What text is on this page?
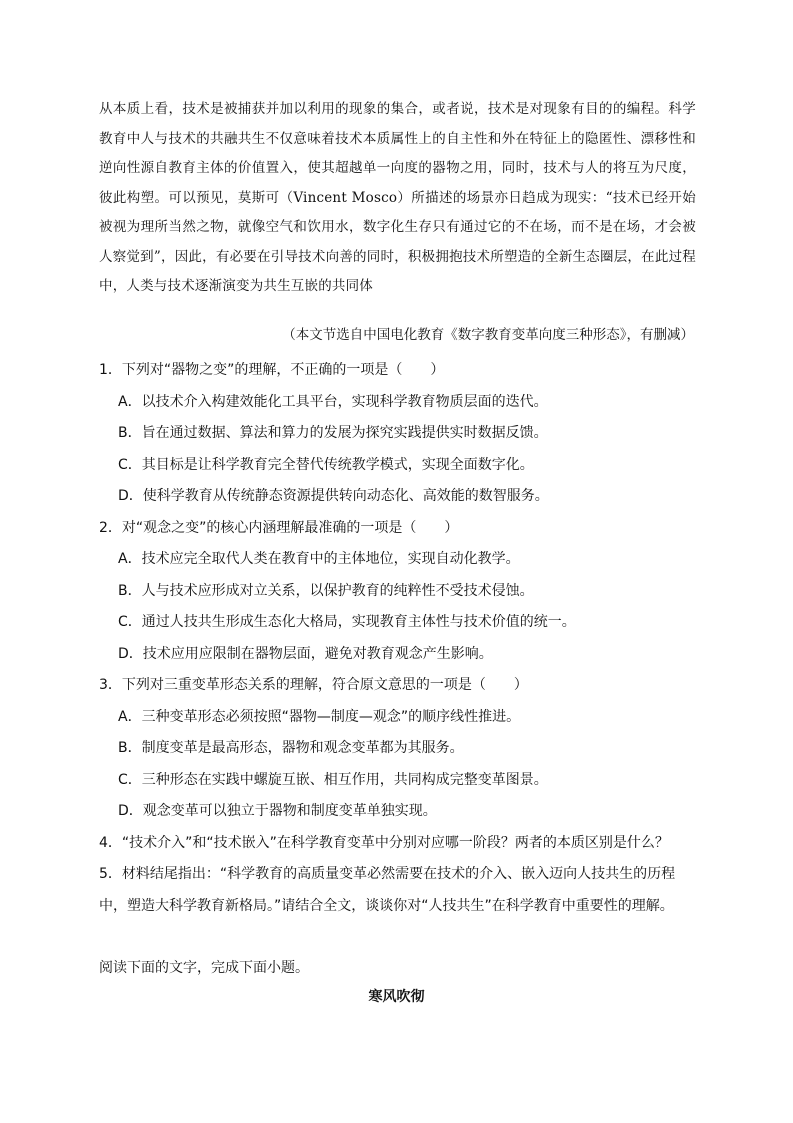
从本质上看，技术是被捕获并加以利用的现象的集合，或者说，技术是对现象有目的的编程。科学教育中人与技术的共融共生不仅意味着技术本质属性上的自主性和外在特征上的隐匿性、漂移性和逆向性源自教育主体的价值置入，使其超越单一向度的器物之用，同时，技术与人的将互为尺度，彼此构塑。可以预见，莫斯可（Vincent Mosco）所描述的场景亦日趋成为现实：“技术已经开始被视为理所当然之物，就像空气和饮用水，数字化生存只有通过它的不在场，而不是在场，才会被人察觉到”，因此，有必要在引导技术向善的同时，积极拥抱技术所塑造的全新生态圈层，在此过程中，人类与技术逐渐演变为共生互嵌的共同体

（本文节选自中国电化教育《数字教育变革向度三种形态》，有删减）
1．下列对“器物之变”的理解，不正确的一项是（　　）
A．以技术介入构建效能化工具平台，实现科学教育物质层面的迭代。
B．旨在通过数据、算法和算力的发展为探究实践提供实时数据反馈。
C．其目标是让科学教育完全替代传统教学模式，实现全面数字化。
D．使科学教育从传统静态资源提供转向动态化、高效能的数智服务。
2．对“观念之变”的核心内涵理解最准确的一项是（　　）
A．技术应完全取代人类在教育中的主体地位，实现自动化教学。
B．人与技术应形成对立关系，以保护教育的纯粹性不受技术侵蚀。
C．通过人技共生形成生态化大格局，实现教育主体性与技术价值的统一。
D．技术应用应限制在器物层面，避免对教育观念产生影响。
3．下列对三重变革形态关系的理解，符合原文意思的一项是（　　）
A．三种变革形态必须按照“器物—制度—观念”的顺序线性推进。
B．制度变革是最高形态，器物和观念变革都为其服务。
C．三种形态在实践中螺旋互嵌、相互作用，共同构成完整变革图景。
D．观念变革可以独立于器物和制度变革单独实现。
4．“技术介入”和“技术嵌入”在科学教育变革中分别对应哪一阶段？两者的本质区别是什么？
5．材料结尾指出：“科学教育的高质量变革必然需要在技术的介入、嵌入迈向人技共生的历程中，塑造大科学教育新格局。”请结合全文，谈谈你对“人技共生”在科学教育中重要性的理解。
阅读下面的文字，完成下面小题。
寒风吹彻
